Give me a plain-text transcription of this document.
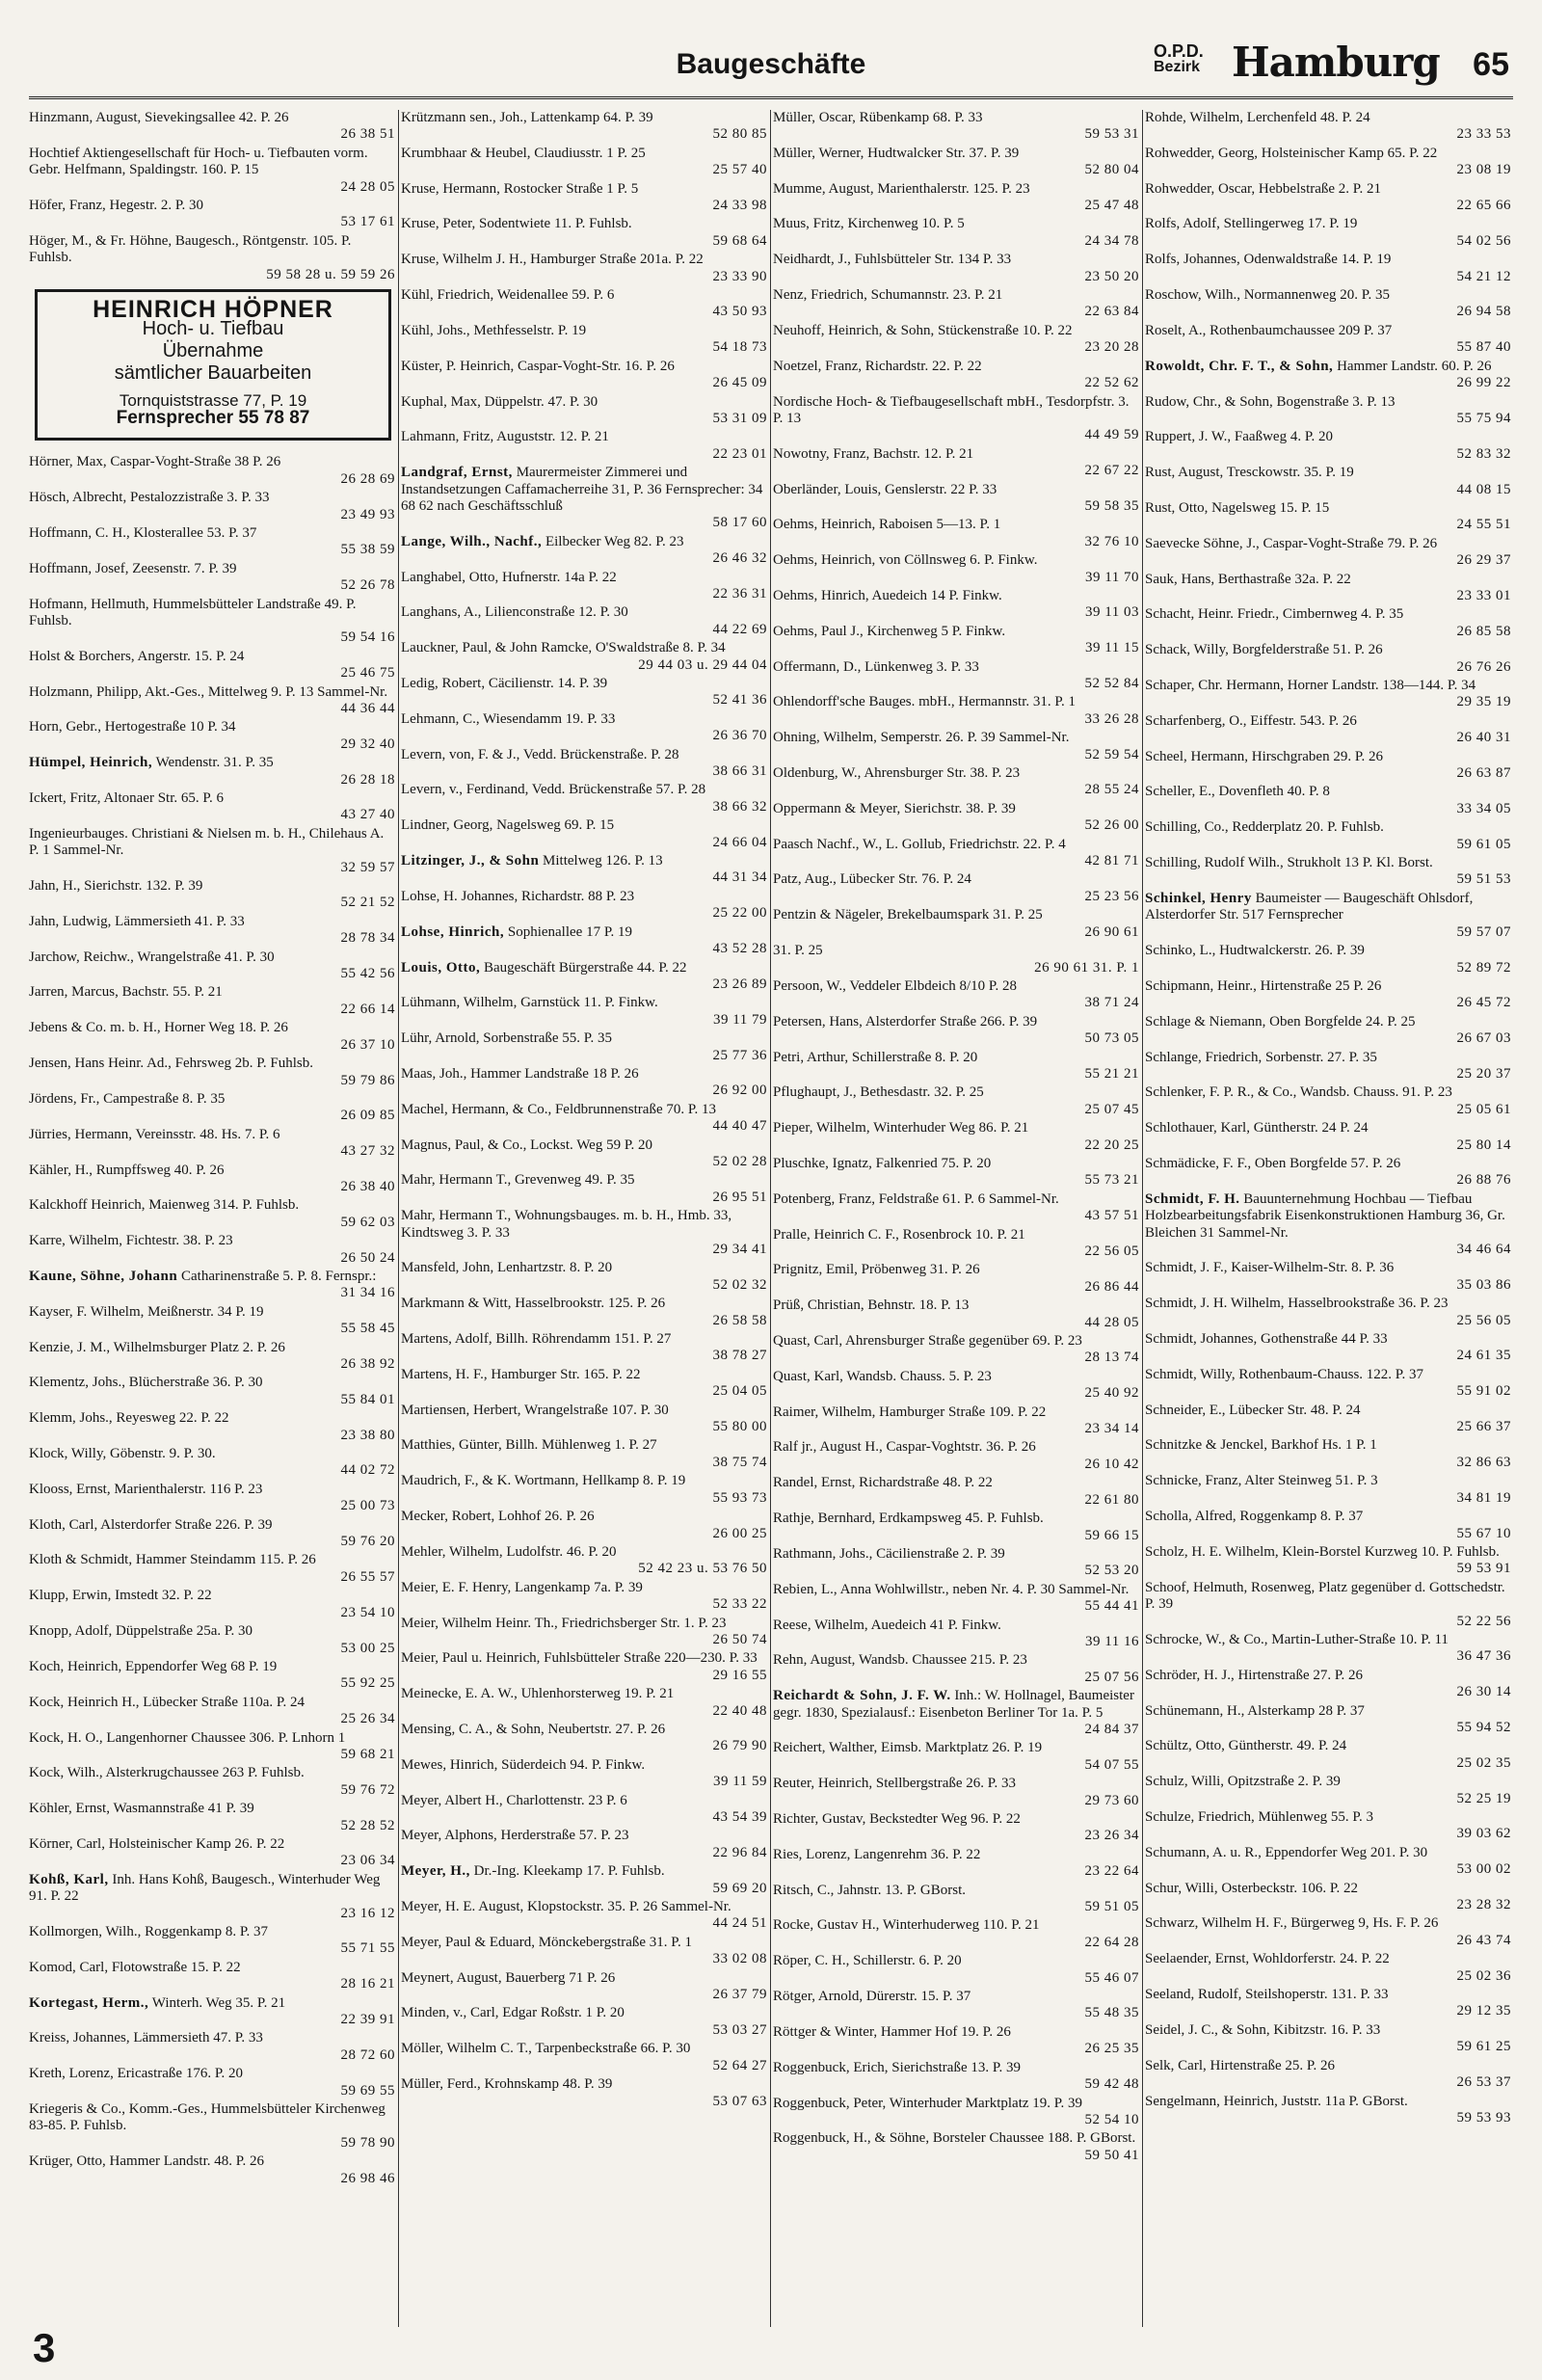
Baugeschäfte	O.P.D.
Bezirk Hamburg 65
Hinzmann, August, Sievekingsallee 42. P. 26
26 38 51
Hochtief Aktiengesellschaft für Hoch- u. Tiefbauten vorm. Gebr. Helfmann, Spaldingstr. 160. P. 15
24 28 05
Höfer, Franz, Hegestr. 2. P. 30
53 17 61
Höger, M., & Fr. Höhne, Baugesch., Röntgenstr. 105. P. Fuhlsb.
59 58 28 u. 59 59 26
HEINRICH HÖPNER
Hoch- u. Tiefbau
Übernahme
sämtlicher Bauarbeiten
Tornquiststrasse 77, P. 19
Fernsprecher 55 78 87
Hörner, Max, Caspar-Voght-Straße 38 P. 26
26 28 69
Hösch, Albrecht, Pestalozzistraße 3. P. 33
23 49 93
Hoffmann, C. H., Klosterallee 53. P. 37
55 38 59
Hoffmann, Josef, Zeesenstr. 7. P. 39
52 26 78
Hofmann, Hellmuth, Hummelsbütteler Landstraße 49. P. Fuhlsb.
59 54 16
Holst & Borchers, Angerstr. 15. P. 24
25 46 75
Holzmann, Philipp, Akt.-Ges., Mittelweg 9. P. 13 Sammel-Nr.
44 36 44
Horn, Gebr., Hertogestraße 10 P. 34
29 32 40
Hümpel, Heinrich, Wendenstr. 31. P. 35
26 28 18
Ickert, Fritz, Altonaer Str. 65. P. 6
43 27 40
Ingenieurbauges. Christiani & Nielsen m. b. H., Chilehaus A. P. 1 Sammel-Nr.
32 59 57
Jahn, H., Sierichstr. 132. P. 39
52 21 52
Jahn, Ludwig, Lämmersieth 41. P. 33
28 78 34
Jarchow, Reichw., Wrangelstraße 41. P. 30
55 42 56
Jarren, Marcus, Bachstr. 55. P. 21
22 66 14
Jebens & Co. m. b. H., Horner Weg 18. P. 26
26 37 10
Jensen, Hans Heinr. Ad., Fehrsweg 2b. P. Fuhlsb.
59 79 86
Jördens, Fr., Campestraße 8. P. 35
26 09 85
Jürries, Hermann, Vereinsstr. 48. Hs. 7. P. 6
43 27 32
Kähler, H., Rumpffsweg 40. P. 26
26 38 40
Kalckhoff Heinrich, Maienweg 314. P. Fuhlsb.
59 62 03
Karre, Wilhelm, Fichtestr. 38. P. 23
26 50 24
Kaune, Söhne, Johann Catharinenstraße 5. P. 8. Fernspr.:
31 34 16
Kayser, F. Wilhelm, Meißnerstr. 34 P. 19
55 58 45
Kenzie, J. M., Wilhelmsburger Platz 2. P. 26
26 38 92
Klementz, Johs., Blücherstraße 36. P. 30
55 84 01
Klemm, Johs., Reyesweg 22. P. 22
23 38 80
Klock, Willy, Göbenstr. 9. P. 30.
44 02 72
Klooss, Ernst, Marienthalerstr. 116 P. 23
25 00 73
Kloth, Carl, Alsterdorfer Straße 226. P. 39
59 76 20
Kloth & Schmidt, Hammer Steindamm 115. P. 26
26 55 57
Klupp, Erwin, Imstedt 32. P. 22
23 54 10
Knopp, Adolf, Düppelstraße 25a. P. 30
53 00 25
Koch, Heinrich, Eppendorfer Weg 68 P. 19
55 92 25
Kock, Heinrich H., Lübecker Straße 110a. P. 24
25 26 34
Kock, H. O., Langenhorner Chaussee 306. P. Lnhorn 1
59 68 21
Kock, Wilh., Alsterkrugchaussee 263 P. Fuhlsb.
59 76 72
Köhler, Ernst, Wasmannstraße 41 P. 39
52 28 52
Körner, Carl, Holsteinischer Kamp 26. P. 22
23 06 34
Kohß, Karl, Inh. Hans Kohß, Baugesch., Winterhuder Weg 91. P. 22
23 16 12
Kollmorgen, Wilh., Roggenkamp 8. P. 37
55 71 55
Komod, Carl, Flotowstraße 15. P. 22
28 16 21
Kortegast, Herm., Winterh. Weg 35. P. 21
22 39 91
Kreiss, Johannes, Lämmersieth 47. P. 33
28 72 60
Kreth, Lorenz, Ericastraße 176. P. 20
59 69 55
Kriegeris & Co., Komm.-Ges., Hummelsbütteler Kirchenweg 83-85. P. Fuhlsb.
59 78 90
Krüger, Otto, Hammer Landstr. 48. P. 26
26 98 46
Krützmann sen., Joh., Lattenkamp 64. P. 39
52 80 85
Krumbhaar & Heubel, Claudiusstr. 1 P. 25
25 57 40
Kruse, Hermann, Rostocker Straße 1 P. 5
24 33 98
Kruse, Peter, Sodentwiete 11. P. Fuhlsb.
59 68 64
Kruse, Wilhelm J. H., Hamburger Straße 201a. P. 22
23 33 90
Kühl, Friedrich, Weidenallee 59. P. 6
43 50 93
Kühl, Johs., Methfesselstr. P. 19
54 18 73
Küster, P. Heinrich, Caspar-Voght-Str. 16. P. 26
26 45 09
Kuphal, Max, Düppelstr. 47. P. 30
53 31 09
Lahmann, Fritz, Auguststr. 12. P. 21
22 23 01
Landgraf, Ernst, Maurermeister Zimmerei und Instandsetzungen Caffamacherreihe 31, P. 36 Fernsprecher: 34 68 62 nach Geschäftsschluß
58 17 60
Lange, Wilh., Nachf., Eilbecker Weg 82. P. 23
26 46 32
Langhabel, Otto, Hufnerstr. 14a P. 22
22 36 31
Langhans, A., Lilienconstraße 12. P. 30
44 22 69
Lauckner, Paul, & John Ramcke, O'Swaldstraße 8. P. 34
29 44 03 u. 29 44 04
Ledig, Robert, Cäcilienstr. 14. P. 39
52 41 36
Lehmann, C., Wiesendamm 19. P. 33
26 36 70
Levern, von, F. & J., Vedd. Brückenstraße. P. 28
38 66 31
Levern, v., Ferdinand, Vedd. Brückenstraße 57. P. 28
38 66 32
Lindner, Georg, Nagelsweg 69. P. 15
24 66 04
Litzinger, J., & Sohn Mittelweg 126. P. 13
44 31 34
Lohse, H. Johannes, Richardstr. 88 P. 23
25 22 00
Lohse, Hinrich, Sophienallee 17 P. 19
43 52 28
Louis, Otto, Baugeschäft Bürgerstraße 44. P. 22
23 26 89
Lühmann, Wilhelm, Garnstück 11. P. Finkw.
39 11 79
Lühr, Arnold, Sorbenstraße 55. P. 35
25 77 36
Maas, Joh., Hammer Landstraße 18 P. 26
26 92 00
Machel, Hermann, & Co., Feldbrunnenstraße 70. P. 13
44 40 47
Magnus, Paul, & Co., Lockst. Weg 59 P. 20
52 02 28
Mahr, Hermann T., Grevenweg 49. P. 35
26 95 51
Mahr, Hermann T., Wohnungsbauges. m. b. H., Hmb. 33, Kindtsweg 3. P. 33
29 34 41
Mansfeld, John, Lenhartzstr. 8. P. 20
52 02 32
Markmann & Witt, Hasselbrookstr. 125. P. 26
26 58 58
Martens, Adolf, Billh. Röhrendamm 151. P. 27
38 78 27
Martens, H. F., Hamburger Str. 165. P. 22
25 04 05
Martiensen, Herbert, Wrangelstraße 107. P. 30
55 80 00
Matthies, Günter, Billh. Mühlenweg 1. P. 27
38 75 74
Maudrich, F., & K. Wortmann, Hellkamp 8. P. 19
55 93 73
Mecker, Robert, Lohhof 26. P. 26
26 00 25
Mehler, Wilhelm, Ludolfstr. 46. P. 20
52 42 23 u. 53 76 50
Meier, E. F. Henry, Langenkamp 7a. P. 39
52 33 22
Meier, Wilhelm Heinr. Th., Friedrichsberger Str. 1. P. 23
26 50 74
Meier, Paul u. Heinrich, Fuhlsbütteler Straße 220—230. P. 33
29 16 55
Meinecke, E. A. W., Uhlenhorsterweg 19. P. 21
22 40 48
Mensing, C. A., & Sohn, Neubertstr. 27. P. 26
26 79 90
Mewes, Hinrich, Süderdeich 94. P. Finkw.
39 11 59
Meyer, Albert H., Charlottenstr. 23 P. 6
43 54 39
Meyer, Alphons, Herderstraße 57. P. 23
22 96 84
Meyer, H., Dr.-Ing. Kleekamp 17. P. Fuhlsb.
59 69 20
Meyer, H. E. August, Klopstockstr. 35. P. 26 Sammel-Nr.
44 24 51
Meyer, Paul & Eduard, Mönckebergstraße 31. P. 1
33 02 08
Meynert, August, Bauerberg 71 P. 26
26 37 79
Minden, v., Carl, Edgar Roßstr. 1 P. 20
53 03 27
Möller, Wilhelm C. T., Tarpenbeckstraße 66. P. 30
52 64 27
Müller, Ferd., Krohnskamp 48. P. 39
53 07 63
Müller, Oscar, Rübenkamp 68. P. 33
59 53 31
Müller, Werner, Hudtwalcker Str. 37. P. 39
52 80 04
Mumme, August, Marienthalerstr. 125. P. 23
25 47 48
Muus, Fritz, Kirchenweg 10. P. 5
24 34 78
Neidhardt, J., Fuhlsbütteler Str. 134 P. 33
23 50 20
Nenz, Friedrich, Schumannstr. 23. P. 21
22 63 84
Neuhoff, Heinrich, & Sohn, Stückenstraße 10. P. 22
23 20 28
Noetzel, Franz, Richardstr. 22. P. 22
22 52 62
Nordische Hoch- & Tiefbaugesellschaft mbH., Tesdorpfstr. 3. P. 13
44 49 59
Nowotny, Franz, Bachstr. 12. P. 21
22 67 22
Oberländer, Louis, Genslerstr. 22 P. 33
59 58 35
Oehms, Heinrich, Raboisen 5—13. P. 1
32 76 10
Oehms, Heinrich, von Cöllnsweg 6. P. Finkw.
39 11 70
Oehms, Hinrich, Auedeich 14 P. Finkw.
39 11 03
Oehms, Paul J., Kirchenweg 5 P. Finkw.
39 11 15
Offermann, D., Lünkenweg 3. P. 33
52 52 84
Ohlendorff'sche Bauges. mbH., Hermannstr. 31. P. 1
33 26 28
Ohning, Wilhelm, Semperstr. 26. P. 39 Sammel-Nr.
52 59 54
Oldenburg, W., Ahrensburger Str. 38. P. 23
28 55 24
Oppermann & Meyer, Sierichstr. 38. P. 39
52 26 00
Paasch Nachf., W., L. Gollub, Friedrichstr. 22. P. 4
42 81 71
Patz, Aug., Lübecker Str. 76. P. 24
25 23 56
Pentzin & Nägeler, Brekelbaumspark 31. P. 25
26 90 61
31. P. 25
26 90 61 31. P. 1
Persoon, W., Veddeler Elbdeich 8/10 P. 28
38 71 24
Petersen, Hans, Alsterdorfer Straße 266. P. 39
50 73 05
Petri, Arthur, Schillerstraße 8. P. 20
55 21 21
Pflughaupt, J., Bethesdastr. 32. P. 25
25 07 45
Pieper, Wilhelm, Winterhuder Weg 86. P. 21
22 20 25
Pluschke, Ignatz, Falkenried 75. P. 20
55 73 21
Potenberg, Franz, Feldstraße 61. P. 6 Sammel-Nr.
43 57 51
Pralle, Heinrich C. F., Rosenbrock 10. P. 21
22 56 05
Prignitz, Emil, Pröbenweg 31. P. 26
26 86 44
Prüß, Christian, Behnstr. 18. P. 13
44 28 05
Quast, Carl, Ahrensburger Straße gegenüber 69. P. 23
28 13 74
Quast, Karl, Wandsb. Chauss. 5. P. 23
25 40 92
Raimer, Wilhelm, Hamburger Straße 109. P. 22
23 34 14
Ralf jr., August H., Caspar-Voghtstr. 36. P. 26
26 10 42
Randel, Ernst, Richardstraße 48. P. 22
22 61 80
Rathje, Bernhard, Erdkampsweg 45. P. Fuhlsb.
59 66 15
Rathmann, Johs., Cäcilienstraße 2. P. 39
52 53 20
Rebien, L., Anna Wohlwillstr., neben Nr. 4. P. 30 Sammel-Nr.
55 44 41
Reese, Wilhelm, Auedeich 41 P. Finkw.
39 11 16
Rehn, August, Wandsb. Chaussee 215. P. 23
25 07 56
Reichardt & Sohn, J. F. W. Inh.: W. Hollnagel, Baumeister gegr. 1830, Spezialausf.: Eisenbeton Berliner Tor 1a. P. 5
24 84 37
Reichert, Walther, Eimsb. Marktplatz 26. P. 19
54 07 55
Reuter, Heinrich, Stellbergstraße 26. P. 33
29 73 60
Richter, Gustav, Beckstedter Weg 96. P. 22
23 26 34
Ries, Lorenz, Langenrehm 36. P. 22
23 22 64
Ritsch, C., Jahnstr. 13. P. GBorst.
59 51 05
Rocke, Gustav H., Winterhuderweg 110. P. 21
22 64 28
Röper, C. H., Schillerstr. 6. P. 20
55 46 07
Rötger, Arnold, Dürerstr. 15. P. 37
55 48 35
Röttger & Winter, Hammer Hof 19. P. 26
26 25 35
Roggenbuck, Erich, Sierichstraße 13. P. 39
59 42 48
Roggenbuck, Peter, Winterhuder Marktplatz 19. P. 39
52 54 10
Roggenbuck, H., & Söhne, Borsteler Chaussee 188. P. GBorst.
59 50 41
Rohde, Wilhelm, Lerchenfeld 48. P. 24
23 33 53
Rohwedder, Georg, Holsteinischer Kamp 65. P. 22
23 08 19
Rohwedder, Oscar, Hebbelstraße 2. P. 21
22 65 66
Rolfs, Adolf, Stellingerweg 17. P. 19
54 02 56
Rolfs, Johannes, Odenwaldstraße 14. P. 19
54 21 12
Roschow, Wilh., Normannenweg 20. P. 35
26 94 58
Roselt, A., Rothenbaumchaussee 209 P. 37
55 87 40
Rowoldt, Chr. F. T., & Sohn, Hammer Landstr. 60. P. 26
26 99 22
Rudow, Chr., & Sohn, Bogenstraße 3. P. 13
55 75 94
Ruppert, J. W., Faaßweg 4. P. 20
52 83 32
Rust, August, Tresckowstr. 35. P. 19
44 08 15
Rust, Otto, Nagelsweg 15. P. 15
24 55 51
Saevecke Söhne, J., Caspar-Voght-Straße 79. P. 26
26 29 37
Sauk, Hans, Berthastraße 32a. P. 22
23 33 01
Schacht, Heinr. Friedr., Cimbernweg 4. P. 35
26 85 58
Schack, Willy, Borgfelderstraße 51. P. 26
26 76 26
Schaper, Chr. Hermann, Horner Landstr. 138—144. P. 34
29 35 19
Scharfenberg, O., Eiffestr. 543. P. 26
26 40 31
Scheel, Hermann, Hirschgraben 29. P. 26
26 63 87
Scheller, E., Dovenfleth 40. P. 8
33 34 05
Schilling, Co., Redderplatz 20. P. Fuhlsb.
59 61 05
Schilling, Rudolf Wilh., Strukholt 13 P. Kl. Borst.
59 51 53
Schinkel, Henry Baumeister — Baugeschäft Ohlsdorf, Alsterdorfer Str. 517 Fernsprecher
59 57 07
Schinko, L., Hudtwalckerstr. 26. P. 39
52 89 72
Schipmann, Heinr., Hirtenstraße 25 P. 26
26 45 72
Schlage & Niemann, Oben Borgfelde 24. P. 25
26 67 03
Schlange, Friedrich, Sorbenstr. 27. P. 35
25 20 37
Schlenker, F. P. R., & Co., Wandsb. Chauss. 91. P. 23
25 05 61
Schlothauer, Karl, Güntherstr. 24 P. 24
25 80 14
Schmädicke, F. F., Oben Borgfelde 57. P. 26
26 88 76
Schmidt, F. H. Bauunternehmung Hochbau — Tiefbau Holzbearbeitungsfabrik Eisenkonstruktionen Hamburg 36, Gr. Bleichen 31 Sammel-Nr.
34 46 64
Schmidt, J. F., Kaiser-Wilhelm-Str. 8. P. 36
35 03 86
Schmidt, J. H. Wilhelm, Hasselbrookstraße 36. P. 23
25 56 05
Schmidt, Johannes, Gothenstraße 44 P. 33
24 61 35
Schmidt, Willy, Rothenbaum-Chauss. 122. P. 37
55 91 02
Schneider, E., Lübecker Str. 48. P. 24
25 66 37
Schnitzke & Jenckel, Barkhof Hs. 1 P. 1
32 86 63
Schnicke, Franz, Alter Steinweg 51. P. 3
34 81 19
Scholla, Alfred, Roggenkamp 8. P. 37
55 67 10
Scholz, H. E. Wilhelm, Klein-Borstel Kurzweg 10. P. Fuhlsb.
59 53 91
Schoof, Helmuth, Rosenweg, Platz gegenüber d. Gottschedstr. P. 39
52 22 56
Schrocke, W., & Co., Martin-Luther-Straße 10. P. 11
36 47 36
Schröder, H. J., Hirtenstraße 27. P. 26
26 30 14
Schünemann, H., Alsterkamp 28 P. 37
55 94 52
Schültz, Otto, Güntherstr. 49. P. 24
25 02 35
Schulz, Willi, Opitzstraße 2. P. 39
52 25 19
Schulze, Friedrich, Mühlenweg 55. P. 3
39 03 62
Schumann, A. u. R., Eppendorfer Weg 201. P. 30
53 00 02
Schur, Willi, Osterbeckstr. 106. P. 22
23 28 32
Schwarz, Wilhelm H. F., Bürgerweg 9, Hs. F. P. 26
26 43 74
Seelaender, Ernst, Wohldorferstr. 24. P. 22
25 02 36
Seeland, Rudolf, Steilshoperstr. 131. P. 33
29 12 35
Seidel, J. C., & Sohn, Kibitzstr. 16. P. 33
59 61 25
Selk, Carl, Hirtenstraße 25. P. 26
26 53 37
Sengelmann, Heinrich, Juststr. 11a P. GBorst.
59 53 93
3
